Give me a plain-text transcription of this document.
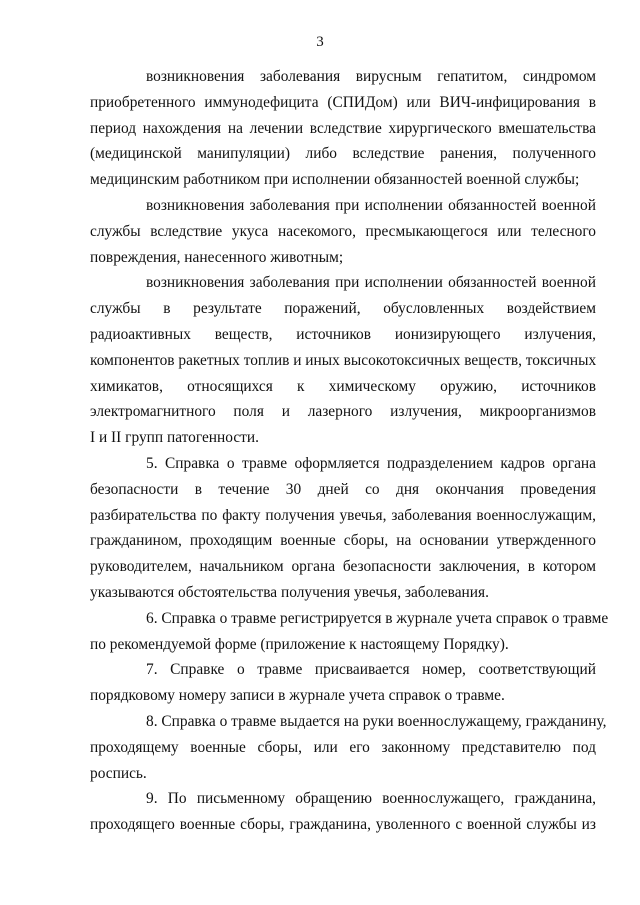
3
возникновения заболевания вирусным гепатитом, синдромом
приобретенного иммунодефицита (СПИДом) или ВИЧ-инфицирования в
период нахождения на лечении вследствие хирургического вмешательства
(медицинской манипуляции) либо вследствие ранения, полученного
медицинским работником при исполнении обязанностей военной службы;
возникновения заболевания при исполнении обязанностей военной
службы вследствие укуса насекомого, пресмыкающегося или телесного
повреждения, нанесенного животным;
возникновения заболевания при исполнении обязанностей военной
службы в результате поражений, обусловленных воздействием
радиоактивных веществ, источников ионизирующего излучения,
компонентов ракетных топлив и иных высокотоксичных веществ, токсичных
химикатов, относящихся к химическому оружию, источников
электромагнитного поля и лазерного излучения, микроорганизмов
I и II групп патогенности.
5. Справка о травме оформляется подразделением кадров органа
безопасности в течение 30 дней со дня окончания проведения
разбирательства по факту получения увечья, заболевания военнослужащим,
гражданином, проходящим военные сборы, на основании утвержденного
руководителем, начальником органа безопасности заключения, в котором
указываются обстоятельства получения увечья, заболевания.
6. Справка о травме регистрируется в журнале учета справок о травме
по рекомендуемой форме (приложение к настоящему Порядку).
7. Справке о травме присваивается номер, соответствующий
порядковому номеру записи в журнале учета справок о травме.
8. Справка о травме выдается на руки военнослужащему, гражданину,
проходящему военные сборы, или его законному представителю под
роспись.
9. По письменному обращению военнослужащего, гражданина,
проходящего военные сборы, гражданина, уволенного с военной службы из
